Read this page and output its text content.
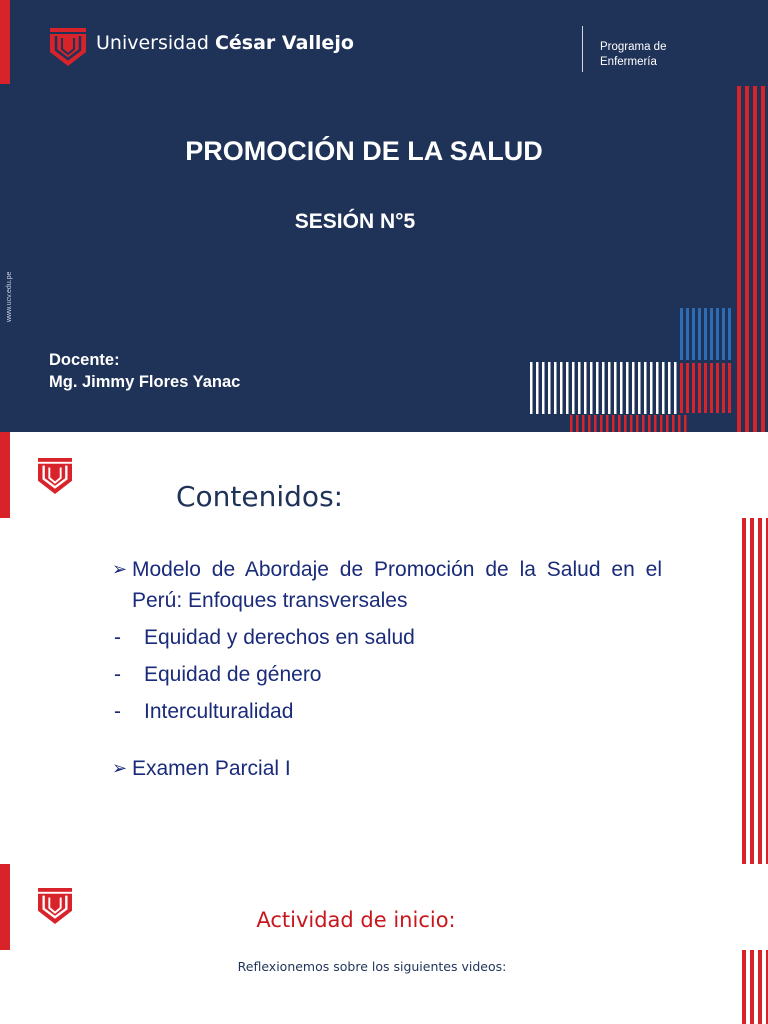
Universidad César Vallejo	Programa de
Enfermería
PROMOCIÓN DE LA SALUD
SESIÓN N°5
www.ucv.edu.pe
Docente:
Mg. Jimmy Flores Yanac
Contenidos:
➢ Modelo de Abordaje de Promoción de la Salud en el Perú: Enfoques transversales
-	Equidad y derechos en salud
-	Equidad de género
-	Interculturalidad
➢ Examen Parcial I
Actividad de inicio:
Reflexionemos sobre los siguientes videos:
